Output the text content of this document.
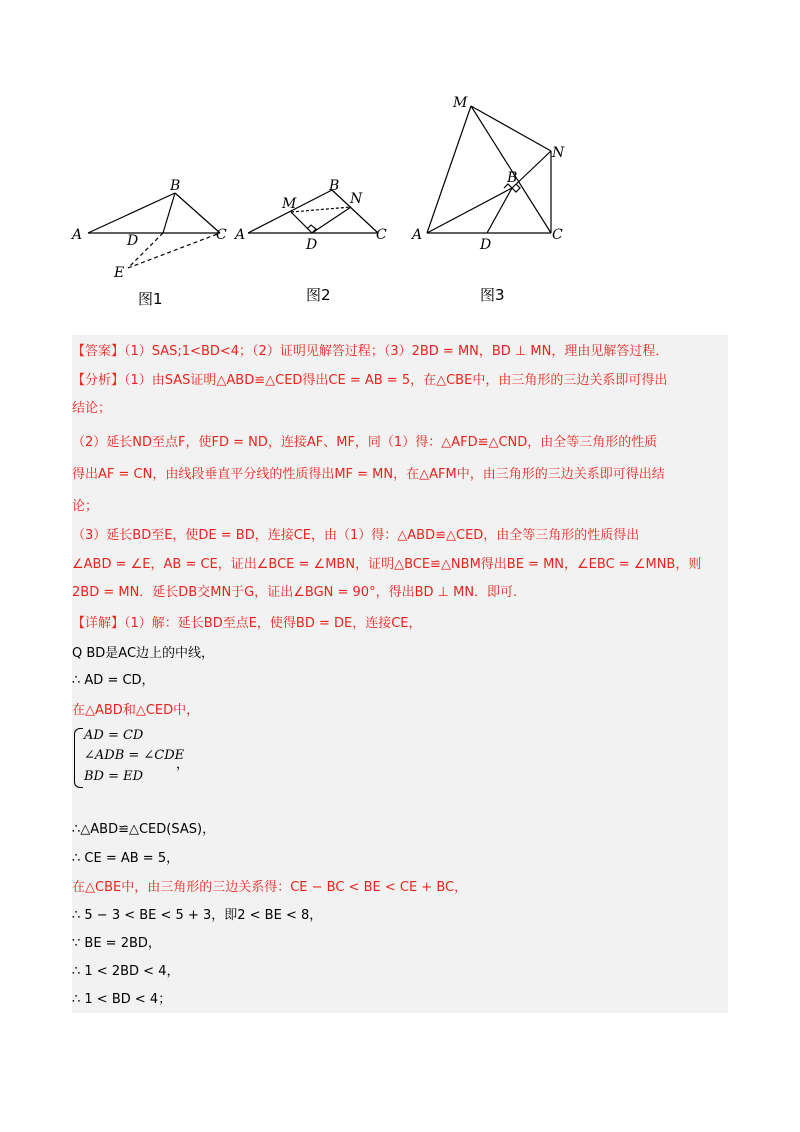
图1	图2	图3
A
B
C
D
E
A
M
B
N
D
C
M
N
B
A
D
C
【答案】（1）SAS;1<BD<4；（2）证明见解答过程；（3）2BD = MN，BD ⊥ MN，理由见解答过程．
【分析】（1）由SAS证明△ABD≌△CED得出CE = AB = 5，在△CBE中，由三角形的三边关系即可得出
结论；
（2）延长ND至点F，使FD = ND，连接AF、MF，同（1）得：△AFD≌△CND，由全等三角形的性质
得出AF = CN，由线段垂直平分线的性质得出MF = MN，在△AFM中，由三角形的三边关系即可得出结
论；
（3）延长BD至E，使DE = BD，连接CE，由（1）得：△ABD≌△CED，由全等三角形的性质得出
∠ABD = ∠E，AB = CE，证出∠BCE = ∠MBN，证明△BCE≌△NBM得出BE = MN，∠EBC = ∠MNB，则
2BD = MN．延长DB交MN于G，证出∠BGN = 90°，得出BD ⊥ MN．即可.
【详解】（1）解：延长BD至点E，使得BD = DE，连接CE，
Q BD是AC边上的中线，
∴ AD = CD，
在△ABD和△CED中，
AD = CD
∠ADB = ∠CDE
BD = ED
，
∴△ABD≌△CED(SAS)，
∴ CE = AB = 5，
在△CBE中，由三角形的三边关系得：CE − BC < BE < CE + BC，
∴ 5 − 3 < BE < 5 + 3，即2 < BE < 8，
∵ BE = 2BD，
∴ 1 < 2BD < 4，
∴ 1 < BD < 4；
